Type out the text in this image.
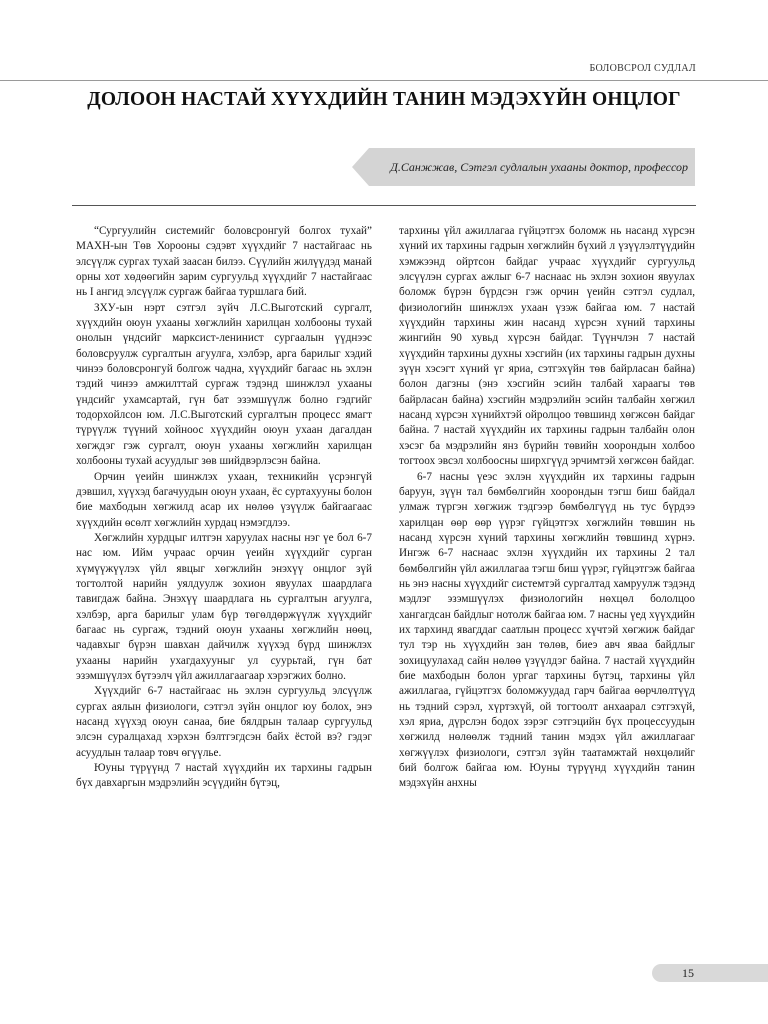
БОЛОВСРОЛ СУДЛАЛ
ДОЛООН НАСТАЙ ХҮҮХДИЙН ТАНИН МЭДЭХҮЙН ОНЦЛОГ
Д.Санжжав, Сэтгэл судлалын ухааны доктор, профессор

“Сургуулийн системийг боловсронгуй болгох тухай” МАХН-ын Төв Хорооны сэдэвт хүүхдийг 7 настайгаас нь элсүүлж сургах тухай заасан билээ. Сүүлийн жилүүдэд манай орны хот хөдөөгийн зарим сургуульд хүүхдийг 7 настайгаас нь I ангид элсүүлж сургаж байгаа туршлага бий.

ЗХУ-ын нэрт сэтгэл зүйч Л.С.Выготский сургалт, хүүхдийн оюун ухааны хөгжлийн харилцан холбооны тухай онолын үндсийг марксист-ленинист сургаалын үүднээс боловсруулж сургалтын агуулга, хэлбэр, арга барилыг хэдий чинээ боловсронгуй болгож чадна, хүүхдийг багаас нь эхлэн тэдий чинээ амжилттай сургаж тэдэнд шинжлэл ухааны үндсийг ухамсартай, гүн бат эзэмшүүлж болно гэдгийг тодорхойлсон юм. Л.С.Выготский сургалтын процесс ямагт түрүүлж түүний хойноос хүүхдийн оюун ухаан дагалдан хөгждэг гэж сургалт, оюун ухааны хөгжлийн харилцан холбооны тухай асуудлыг зөв шийдвэрлэсэн байна.

Орчин үеийн шинжлэх ухаан, техникийн үсрэнгүй дэвшил, хүүхэд багачуудын оюун ухаан, ёс суртахууны болон бие махбодын хөгжилд асар их нөлөө үзүүлж байгаагаас хүүхдийн өсөлт хөгжлийн хурдац нэмэгдлээ.

Хөгжлийн хурдцыг илтгэн харуулах насны нэг үе бол 6-7 нас юм. Ийм учраас орчин үеийн хүүхдийг сурган хүмүүжүүлэх үйл явцыг хөгжлийн энэхүү онцлог зүй тогтолтой нарийн уялдуулж зохион явуулах шаардлага тавигдаж байна. Энэхүү шаардлага нь сургалтын агуулга, хэлбэр, арга барилыг улам бүр төгөлдөржүүлж хүүхдийг багаас нь сургаж, тэдний оюун ухааны хөгжлийн нөөц, чадавхыг бүрэн шавхан дайчилж хүүхэд бүрд шинжлэх ухааны нарийн ухагдахууныг ул суурьтай, гүн бат эзэмшүүлэх бүтээлч үйл ажиллагаагаар хэрэгжих болно.

Хүүхдийг 6-7 настайгаас нь эхлэн сургуульд элсүүлж сургах аялын физиологи, сэтгэл зүйн онцлог юу болох, энэ насанд хүүхэд оюун санаа, бие бялдрын талаар сургуульд элсэн суралцахад хэрхэн бэлтгэгдсэн байх ёстой вэ? гэдэг асуудлын талаар товч өгүүлье.

Юуны түрүүнд 7 настай хүүхдийн их тархины гадрын бүх давхаргын мэдрэлийн эсүүдийн бүтэц,

тархины үйл ажиллагаа гүйцэтгэх боломж нь насанд хүрсэн хүний их тархины гадрын хөгжлийн бүхий л үзүүлэлтүүдийн хэмжээнд ойртсон байдаг учраас хүүхдийг сургуульд элсүүлэн сургах ажлыг 6-7 наснаас нь эхлэн зохион явуулах боломж бүрэн бүрдсэн гэж орчин үеийн сэтгэл судлал, физиологийн шинжлэх ухаан үзэж байгаа юм. 7 настай хүүхдийн тархины жин насанд хүрсэн хүний тархины жингийн 90 хувьд хүрсэн байдаг. Түүнчлэн 7 настай хүүхдийн тархины духны хэсгийн (их тархины гадрын духны зүүн хэсэгт хүний үг яриа, сэтгэхүйн төв байрласан байна) болон дагзны (энэ хэсгийн эсийн талбай хараагы төв байрласан байна) хэсгийн мэдрэлийн эсийн талбайн хөгжил насанд хүрсэн хүнийхтэй ойролцоо төвшинд хөгжсөн байдаг байна. 7 настай хүүхдийн их тархины гадрын талбайн олон хэсэг ба мэдрэлийн янз бүрийн төвийн хоорондын холбоо тогтоох эвсэл холбоосны ширхгүүд эрчимтэй хөгжсөн байдаг.

6-7 насны үеэс эхлэн хүүхдийн их тархины гадрын баруун, зүүн тал бөмбөлгийн хоорондын тэгш биш байдал улмаж түргэн хөгжиж тэдгээр бөмбөлгүүд нь тус бүрдээ харилцан өөр өөр үүрэг гүйцэтгэх хөгжлийн төвшин нь насанд хүрсэн хүний тархины хөгжлийн төвшинд хүрнэ. Ингэж 6-7 наснаас эхлэн хүүхдийн их тархины 2 тал бөмбөлгийн үйл ажиллагаа тэгш биш үүрэг, гүйцэтгэж байгаа нь энэ насны хүүхдийг системтэй сургалтад хамруулж тэдэнд мэдлэг эзэмшүүлэх физиологийн нөхцөл бололцоо хангагдсан байдлыг нотолж байгаа юм. 7 насны үед хүүхдийн их тархинд явагддаг саатлын процесс хүчтэй хөгжиж байдаг тул тэр нь хүүхдийн зан төлөв, биеэ авч яваа байдлыг зохицуулахад сайн нөлөө үзүүлдэг байна. 7 настай хүүхдийн бие махбодын болон ургаг тархины бүтэц, тархины үйл ажиллагаа, гүйцэтгэх боломжуудад гарч байгаа өөрчлөлтүүд нь тэдний сэрэл, хүртэхүй, ой тогтоолт анхаарал сэтгэхүй, хэл яриа, дүрслэн бодох зэрэг сэтгэцийн бүх процессуудын хөгжилд нөлөөлж тэдний танин мэдэх үйл ажиллагааг хөгжүүлэх физиологи, сэтгэл зүйн таатамжтай нөхцөлийг бий болгож байгаа юм. Юуны түрүүнд хүүхдийн танин мэдэхүйн анхны

15
